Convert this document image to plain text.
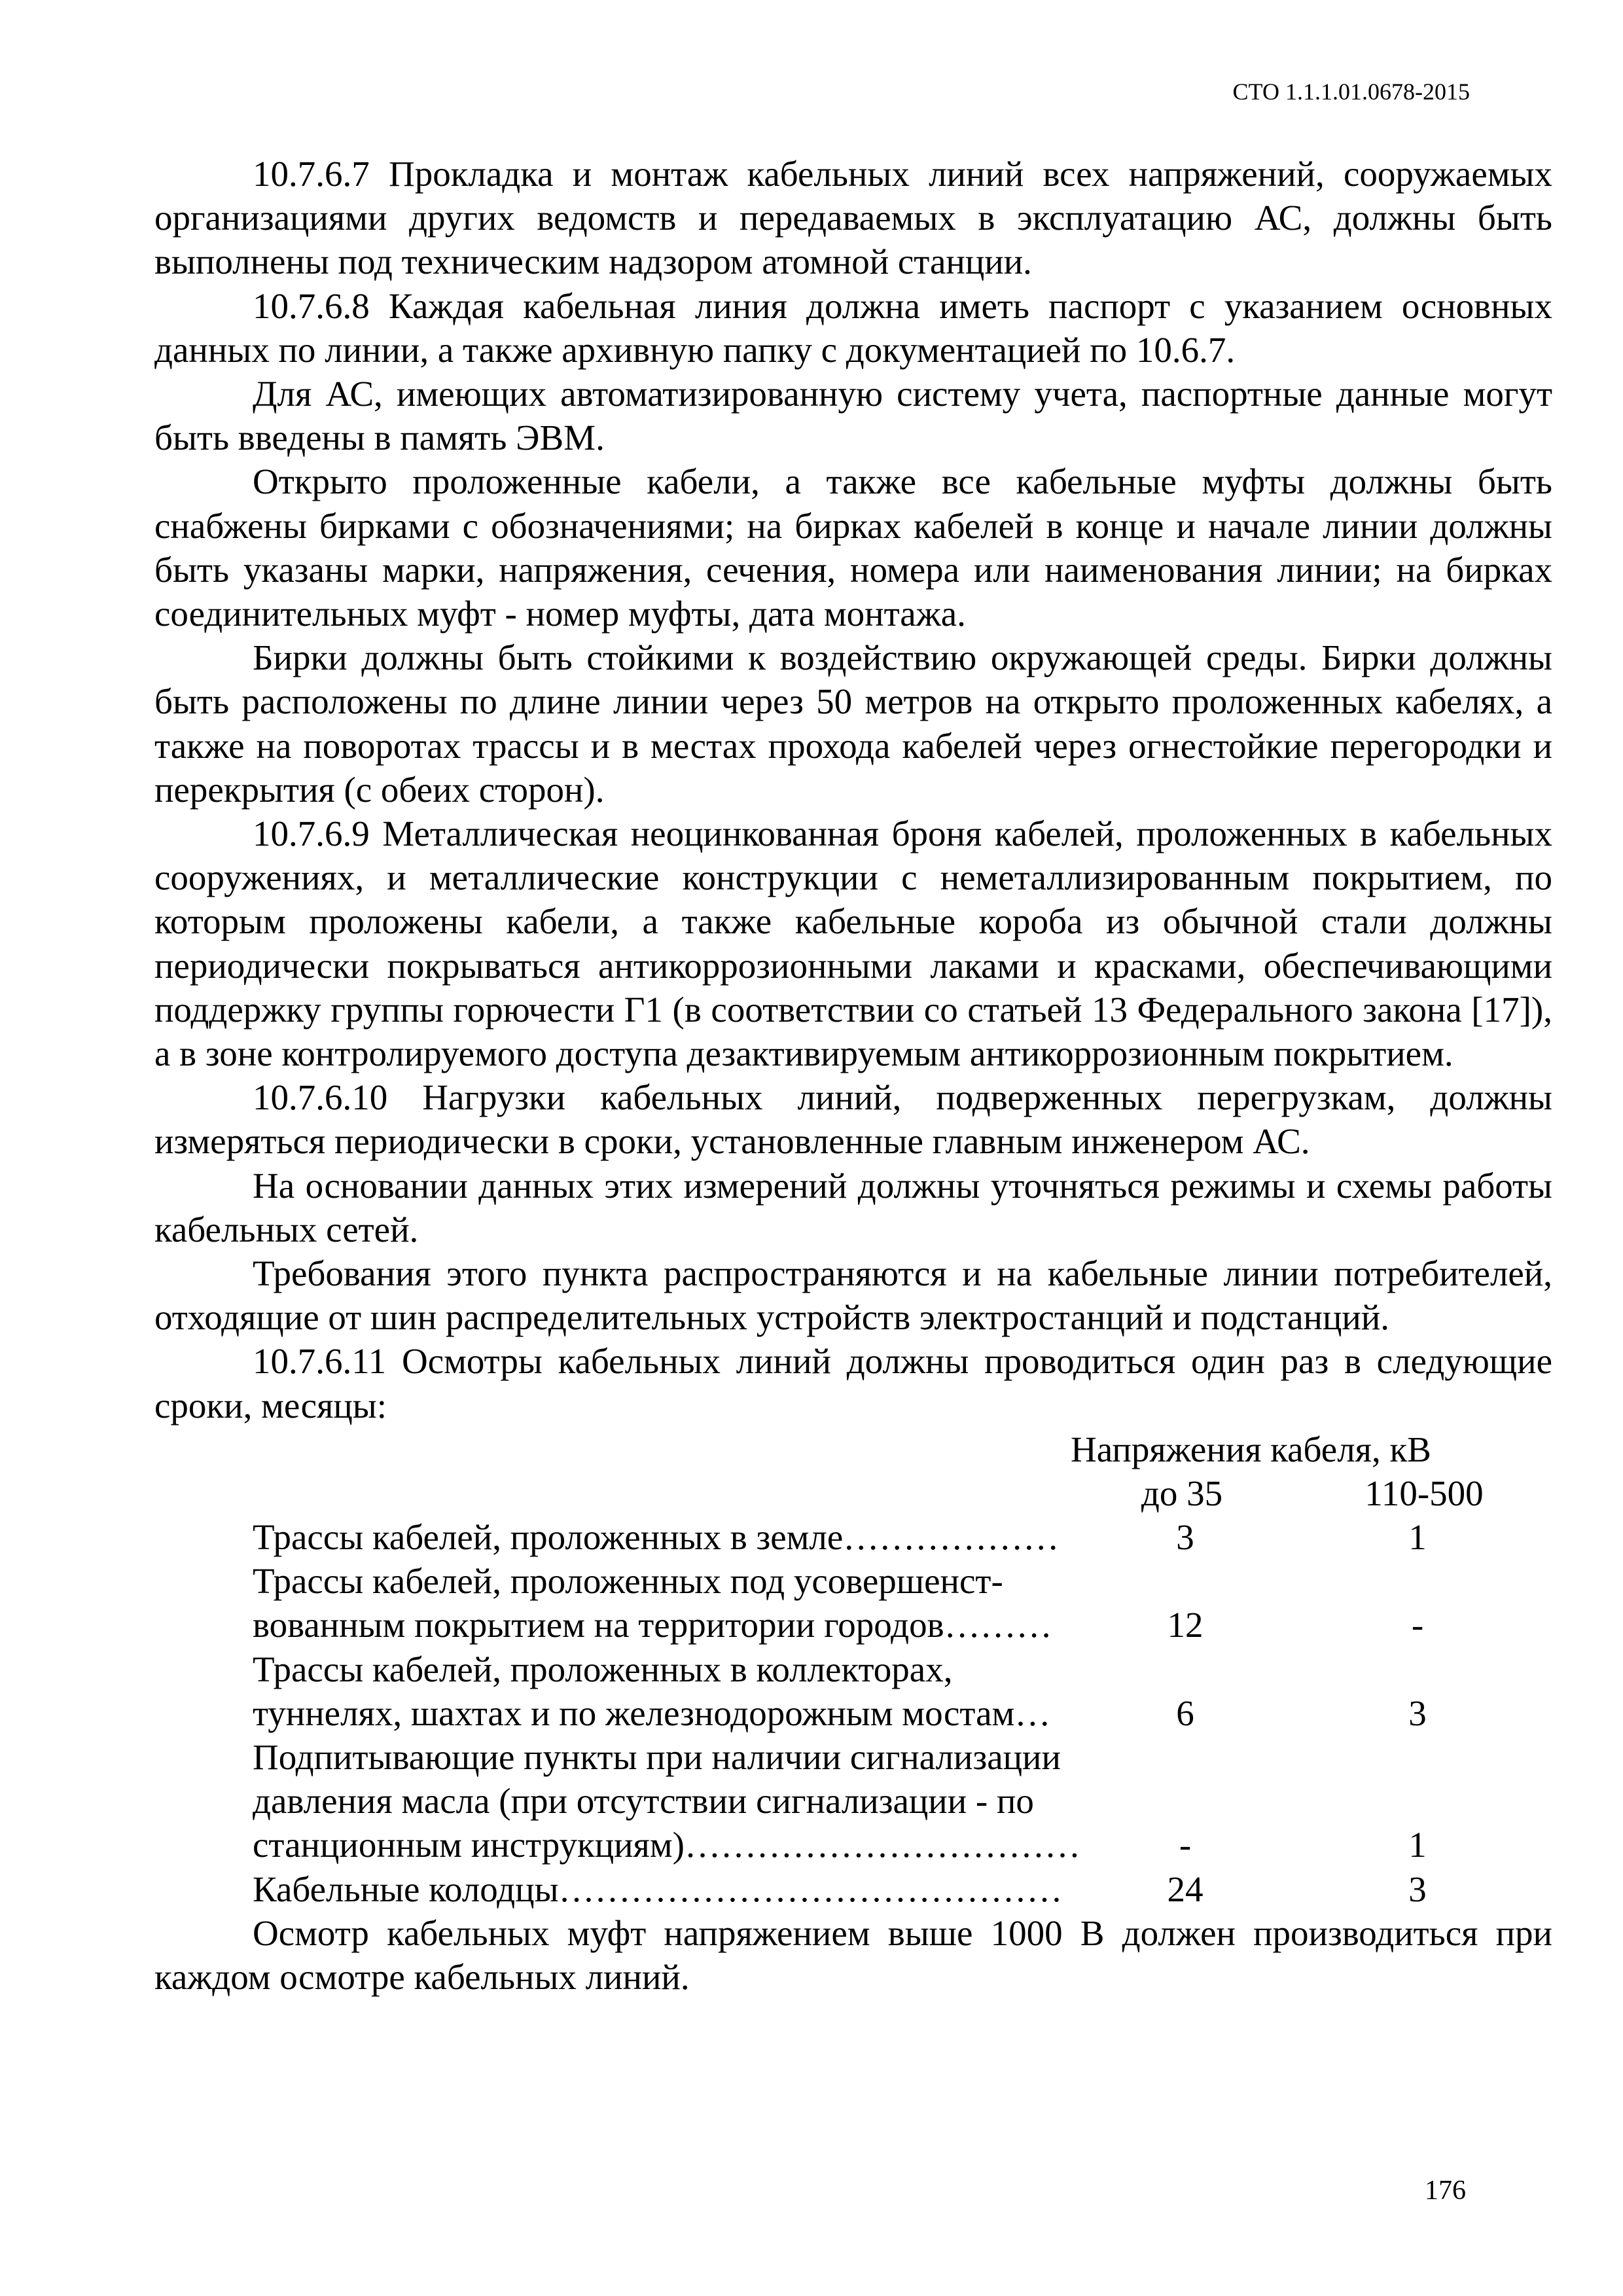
СТО 1.1.1.01.0678-2015

10.7.6.7 Прокладка и монтаж кабельных линий всех напряжений, сооружаемых организациями других ведомств и передаваемых в эксплуатацию АС, должны быть выполнены под техническим надзором атомной станции.

10.7.6.8 Каждая кабельная линия должна иметь паспорт с указанием основных данных по линии, а также архивную папку с документацией по 10.6.7.

Для АС, имеющих автоматизированную систему учета, паспортные данные могут быть введены в память ЭВМ.

Открыто проложенные кабели, а также все кабельные муфты должны быть снабжены бирками с обозначениями; на бирках кабелей в конце и начале линии должны быть указаны марки, напряжения, сечения, номера или наименования линии; на бирках соединительных муфт - номер муфты, дата монтажа.

Бирки должны быть стойкими к воздействию окружающей среды. Бирки должны быть расположены по длине линии через 50 метров на открыто проложенных кабелях, а также на поворотах трассы и в местах прохода кабелей через огнестойкие перегородки и перекрытия (с обеих сторон).

10.7.6.9 Металлическая неоцинкованная броня кабелей, проложенных в кабельных сооружениях, и металлические конструкции с неметаллизированным покрытием, по которым проложены кабели, а также кабельные короба из обычной стали должны периодически покрываться антикоррозионными лаками и красками, обеспечивающими поддержку группы горючести Г1 (в соответствии со статьей 13 Федерального закона [17]), а в зоне контролируемого доступа дезактивируемым антикоррозионным покрытием.

10.7.6.10 Нагрузки кабельных линий, подверженных перегрузкам, должны измеряться периодически в сроки, установленные главным инженером АС.

На основании данных этих измерений должны уточняться режимы и схемы работы кабельных сетей.

Требования этого пункта распространяются и на кабельные линии потребителей, отходящие от шин распределительных устройств электростанций и подстанций.

10.7.6.11 Осмотры кабельных линий должны проводиться один раз в следующие сроки, месяцы:

Напряжения кабеля, кВ
до 35	110-500
Трассы кабелей, проложенных в земле………………	3	1
Трассы кабелей, проложенных под усовершенст-
вованным покрытием на территории городов………	12	-
Трассы кабелей, проложенных в коллекторах,
туннелях, шахтах и по железнодорожным мостам…	6	3
Подпитывающие пункты при наличии сигнализации
давления масла (при отсутствии сигнализации - по
станционным инструкциям)……………………………	-	1
Кабельные колодцы……………………………………	24	3

Осмотр кабельных муфт напряжением выше 1000 В должен производиться при каждом осмотре кабельных линий.

176
